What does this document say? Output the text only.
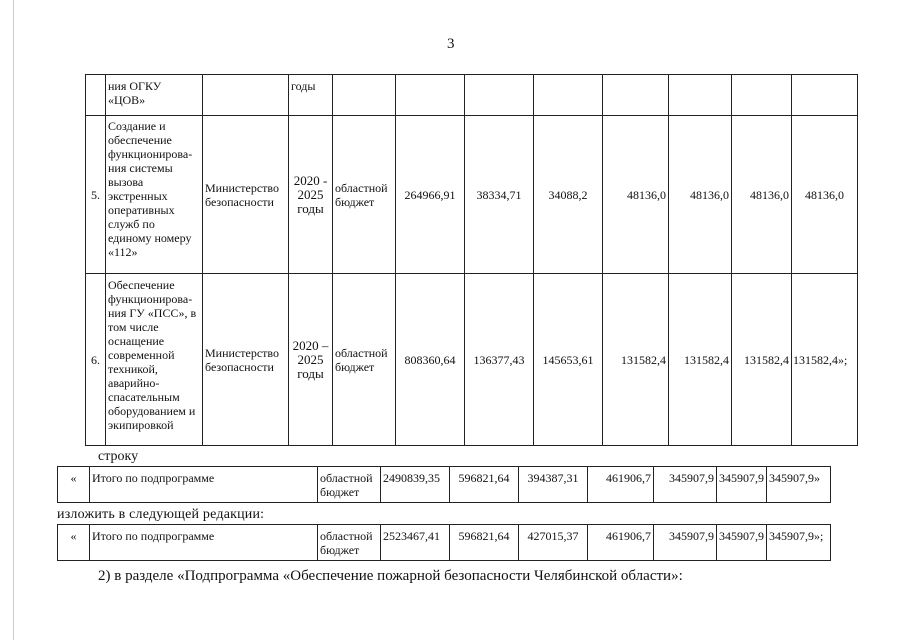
3
	ния ОГКУ «ЦОВ»		годы								
5.	Создание и обеспечение функционирова-ния системы вызова экстренных оперативных служб по единому номеру «112»	Министерство безопасности	2020 - 2025 годы	областной бюджет	264966,91	38334,71	34088,2	48136,0	48136,0	48136,0	48136,0
6.	Обеспечение функционирова-ния ГУ «ПСС», в том числе оснащение современной техникой, аварийно-спасательным оборудованием и экипировкой	Министерство безопасности	2020 – 2025 годы	областной бюджет	808360,64	136377,43	145653,61	131582,4	131582,4	131582,4	131582,4»;
строку
«	Итого по подпрограмме	областной бюджет	2490839,35	596821,64	394387,31	461906,7	345907,9	345907,9	345907,9»
изложить в следующей редакции:
«	Итого по подпрограмме	областной бюджет	2523467,41	596821,64	427015,37	461906,7	345907,9	345907,9	345907,9»;
2) в разделе «Подпрограмма «Обеспечение пожарной безопасности Челябинской области»:
